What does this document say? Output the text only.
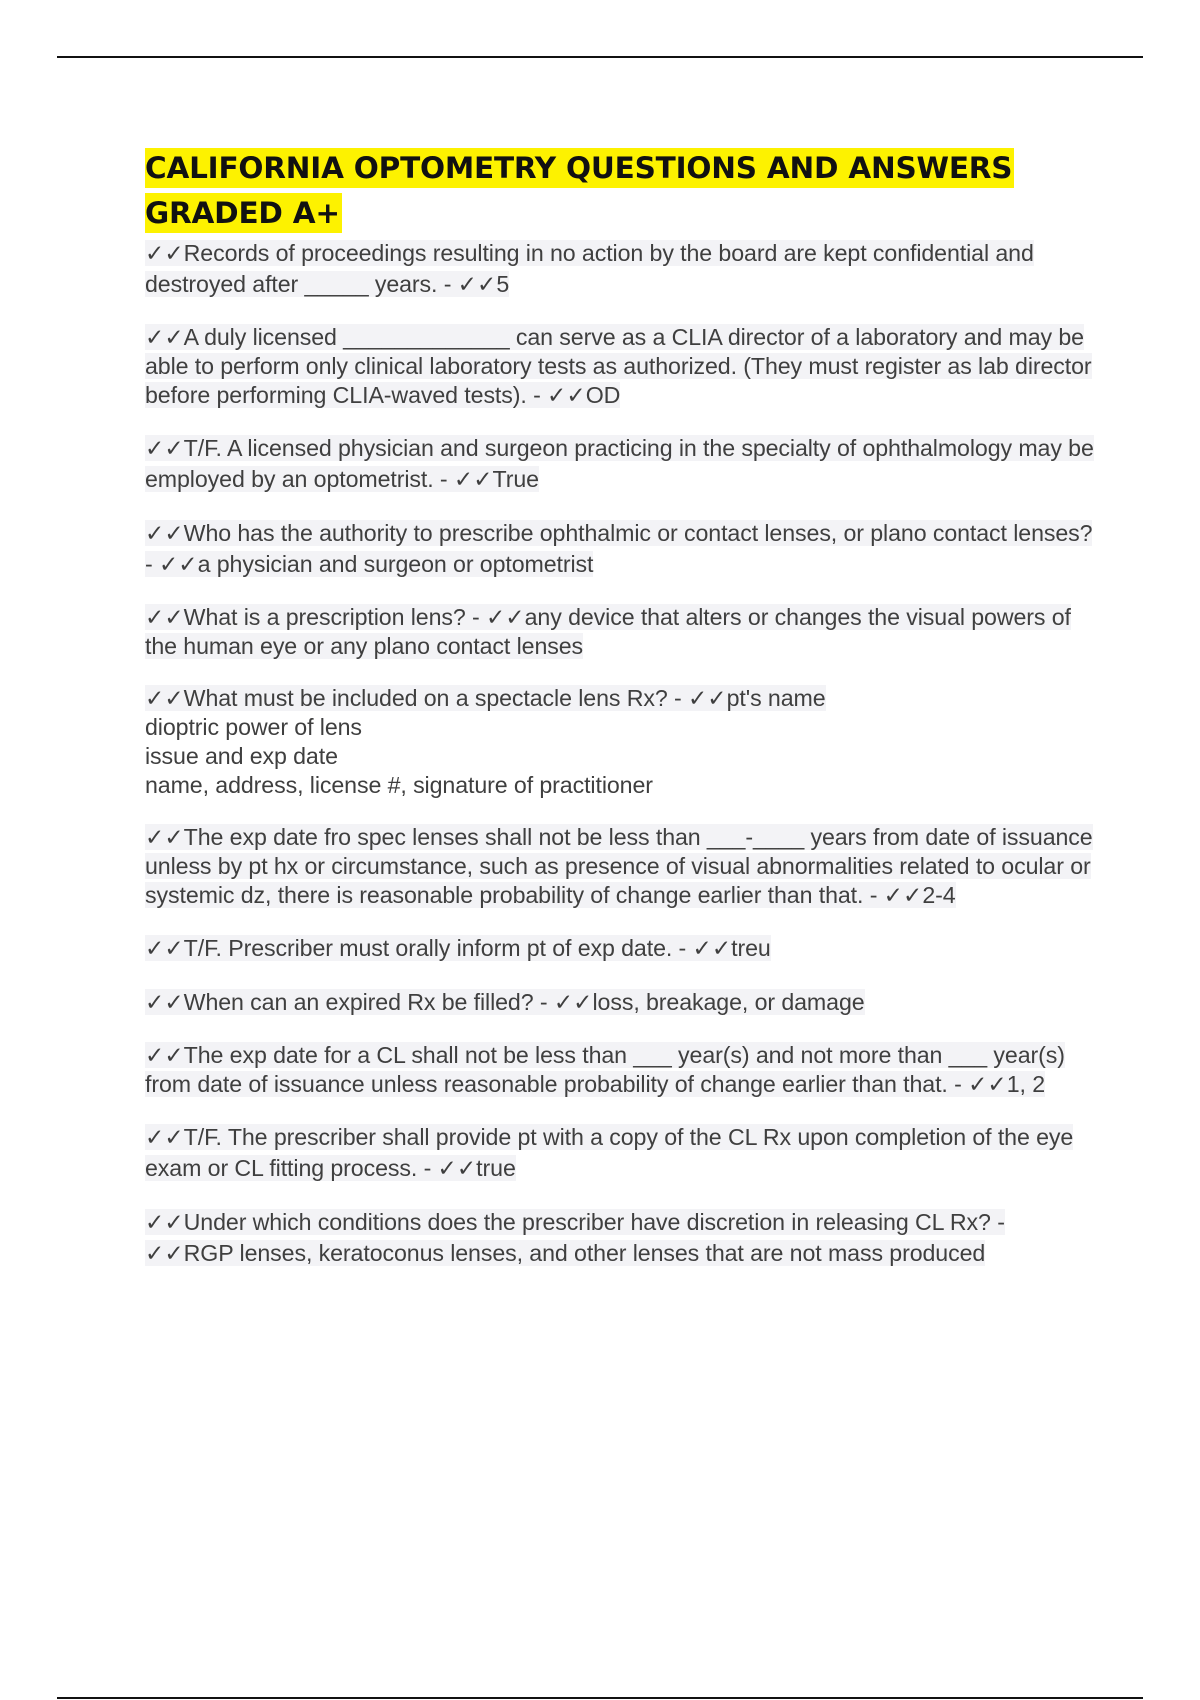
CALIFORNIA OPTOMETRY QUESTIONS AND ANSWERS
GRADED A+

✓✓Records of proceedings resulting in no action by the board are kept confidential and destroyed after _____ years. - ✓✓5

✓✓A duly licensed _____________ can serve as a CLIA director of a laboratory and may be able to perform only clinical laboratory tests as authorized. (They must register as lab director before performing CLIA-waved tests). - ✓✓OD

✓✓T/F. A licensed physician and surgeon practicing in the specialty of ophthalmology may be employed by an optometrist. - ✓✓True

✓✓Who has the authority to prescribe ophthalmic or contact lenses, or plano contact lenses? - ✓✓a physician and surgeon or optometrist

✓✓What is a prescription lens? - ✓✓any device that alters or changes the visual powers of the human eye or any plano contact lenses

✓✓What must be included on a spectacle lens Rx? - ✓✓pt's name
dioptric power of lens
issue and exp date
name, address, license #, signature of practitioner

✓✓The exp date fro spec lenses shall not be less than ___-____ years from date of issuance unless by pt hx or circumstance, such as presence of visual abnormalities related to ocular or systemic dz, there is reasonable probability of change earlier than that. - ✓✓2-4

✓✓T/F. Prescriber must orally inform pt of exp date. - ✓✓treu

✓✓When can an expired Rx be filled? - ✓✓loss, breakage, or damage

✓✓The exp date for a CL shall not be less than ___ year(s) and not more than ___ year(s) from date of issuance unless reasonable probability of change earlier than that. - ✓✓1, 2

✓✓T/F. The prescriber shall provide pt with a copy of the CL Rx upon completion of the eye exam or CL fitting process. - ✓✓true

✓✓Under which conditions does the prescriber have discretion in releasing CL Rx? - ✓✓RGP lenses, keratoconus lenses, and other lenses that are not mass produced
